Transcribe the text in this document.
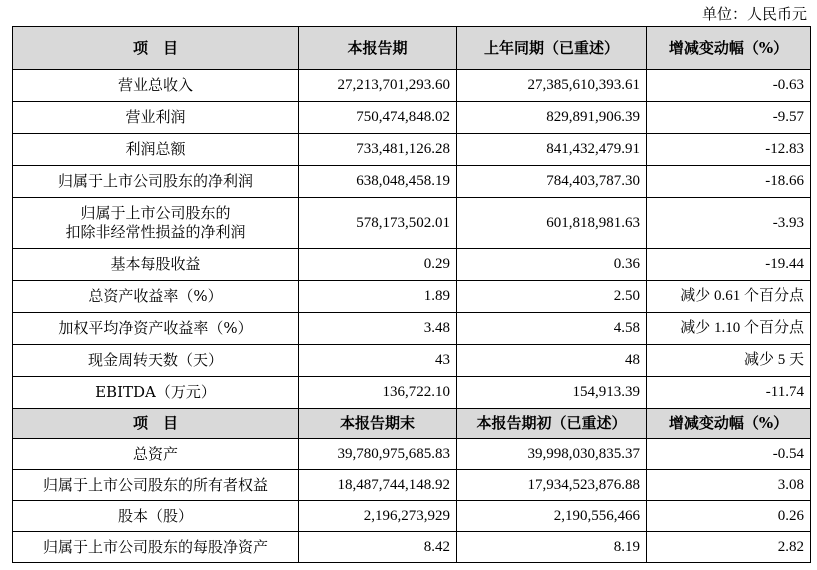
单位：人民币元
项　目	本报告期	上年同期（已重述）	增减变动幅（%）

营业总收入	27,213,701,293.60	27,385,610,393.61	-0.63

营业利润	750,474,848.02	829,891,906.39	-9.57

利润总额	733,481,126.28	841,432,479.91	-12.83

归属于上市公司股东的净利润	638,048,458.19	784,403,787.30	-18.66

归属于上市公司股东的
扣除非经常性损益的净利润	578,173,502.01	601,818,981.63	-3.93

基本每股收益	0.29	0.36	-19.44

总资产收益率（%）	1.89	2.50	减少 0.61 个百分点

加权平均净资产收益率（%）	3.48	4.58	减少 1.10 个百分点

现金周转天数（天）	43	48	减少 5 天

EBITDA（万元）	136,722.10	154,913.39	-11.74
项　目	本报告期末	本报告期初（已重述）	增减变动幅（%）

总资产	39,780,975,685.83	39,998,030,835.37	-0.54

归属于上市公司股东的所有者权益	18,487,744,148.92	17,934,523,876.88	3.08

股本（股）	2,196,273,929	2,190,556,466	0.26

归属于上市公司股东的每股净资产	8.42	8.19	2.82
